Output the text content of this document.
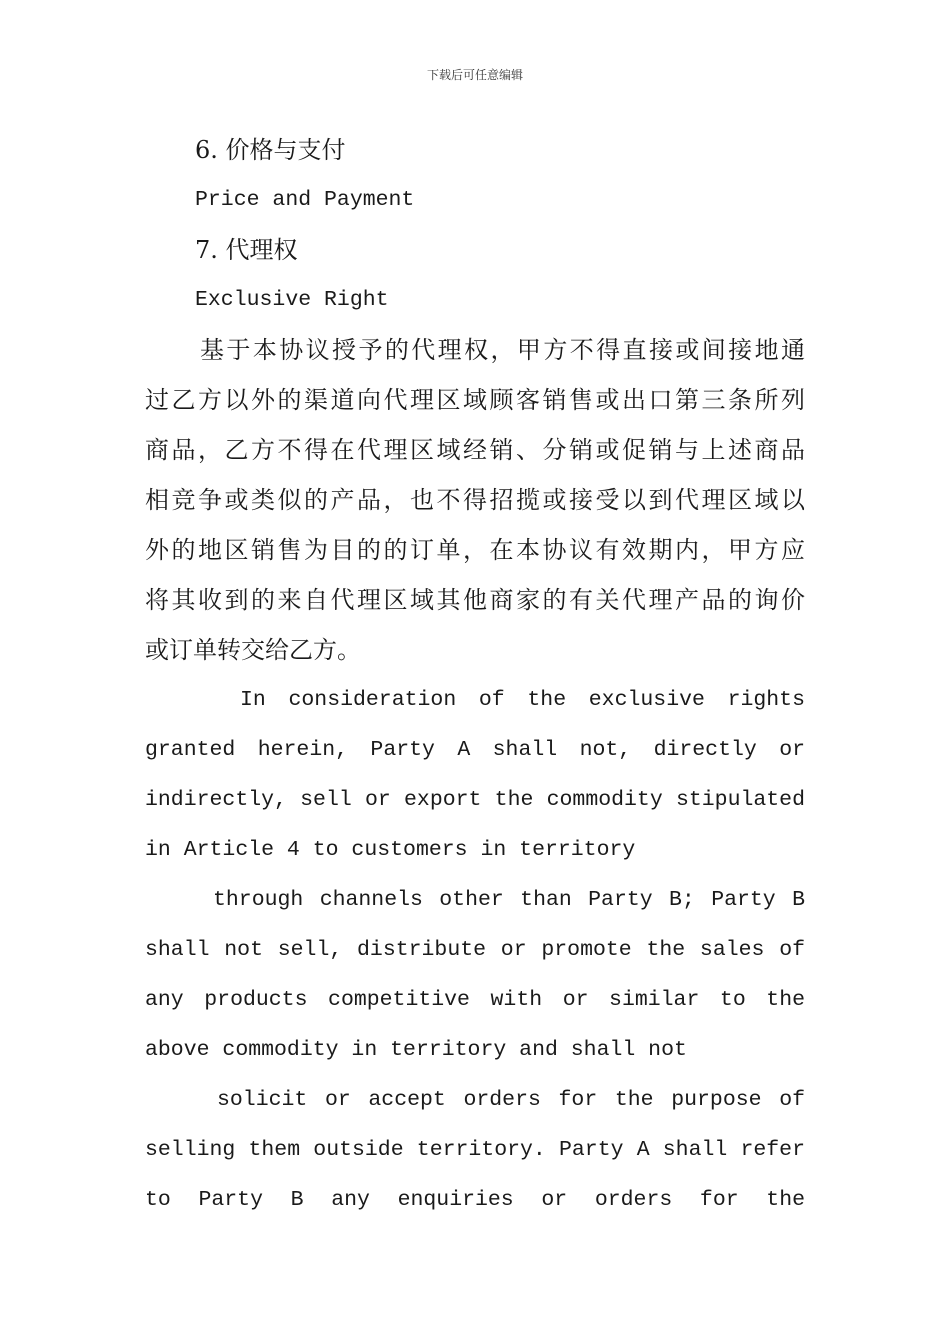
下载后可任意编辑
6. 价格与支付
Price and Payment
7. 代理权
Exclusive Right
基于本协议授予的代理权，甲方不得直接或间接地通
过乙方以外的渠道向代理区域顾客销售或出口第三条所列
商品，乙方不得在代理区域经销、分销或促销与上述商品
相竞争或类似的产品，也不得招揽或接受以到代理区域以
外的地区销售为目的的订单，在本协议有效期内，甲方应
将其收到的来自代理区域其他商家的有关代理产品的询价
或订单转交给乙方。
In consideration of the exclusive rights
granted herein, Party A shall not, directly or
indirectly, sell or export the commodity stipulated
in Article 4 to customers in territory
through channels other than Party B; Party B
shall not sell, distribute or promote the sales of
any products competitive with or similar to the
above commodity in territory and shall not
solicit or accept orders for the purpose of
selling them outside territory. Party A shall refer
to Party B any enquiries or orders for the
